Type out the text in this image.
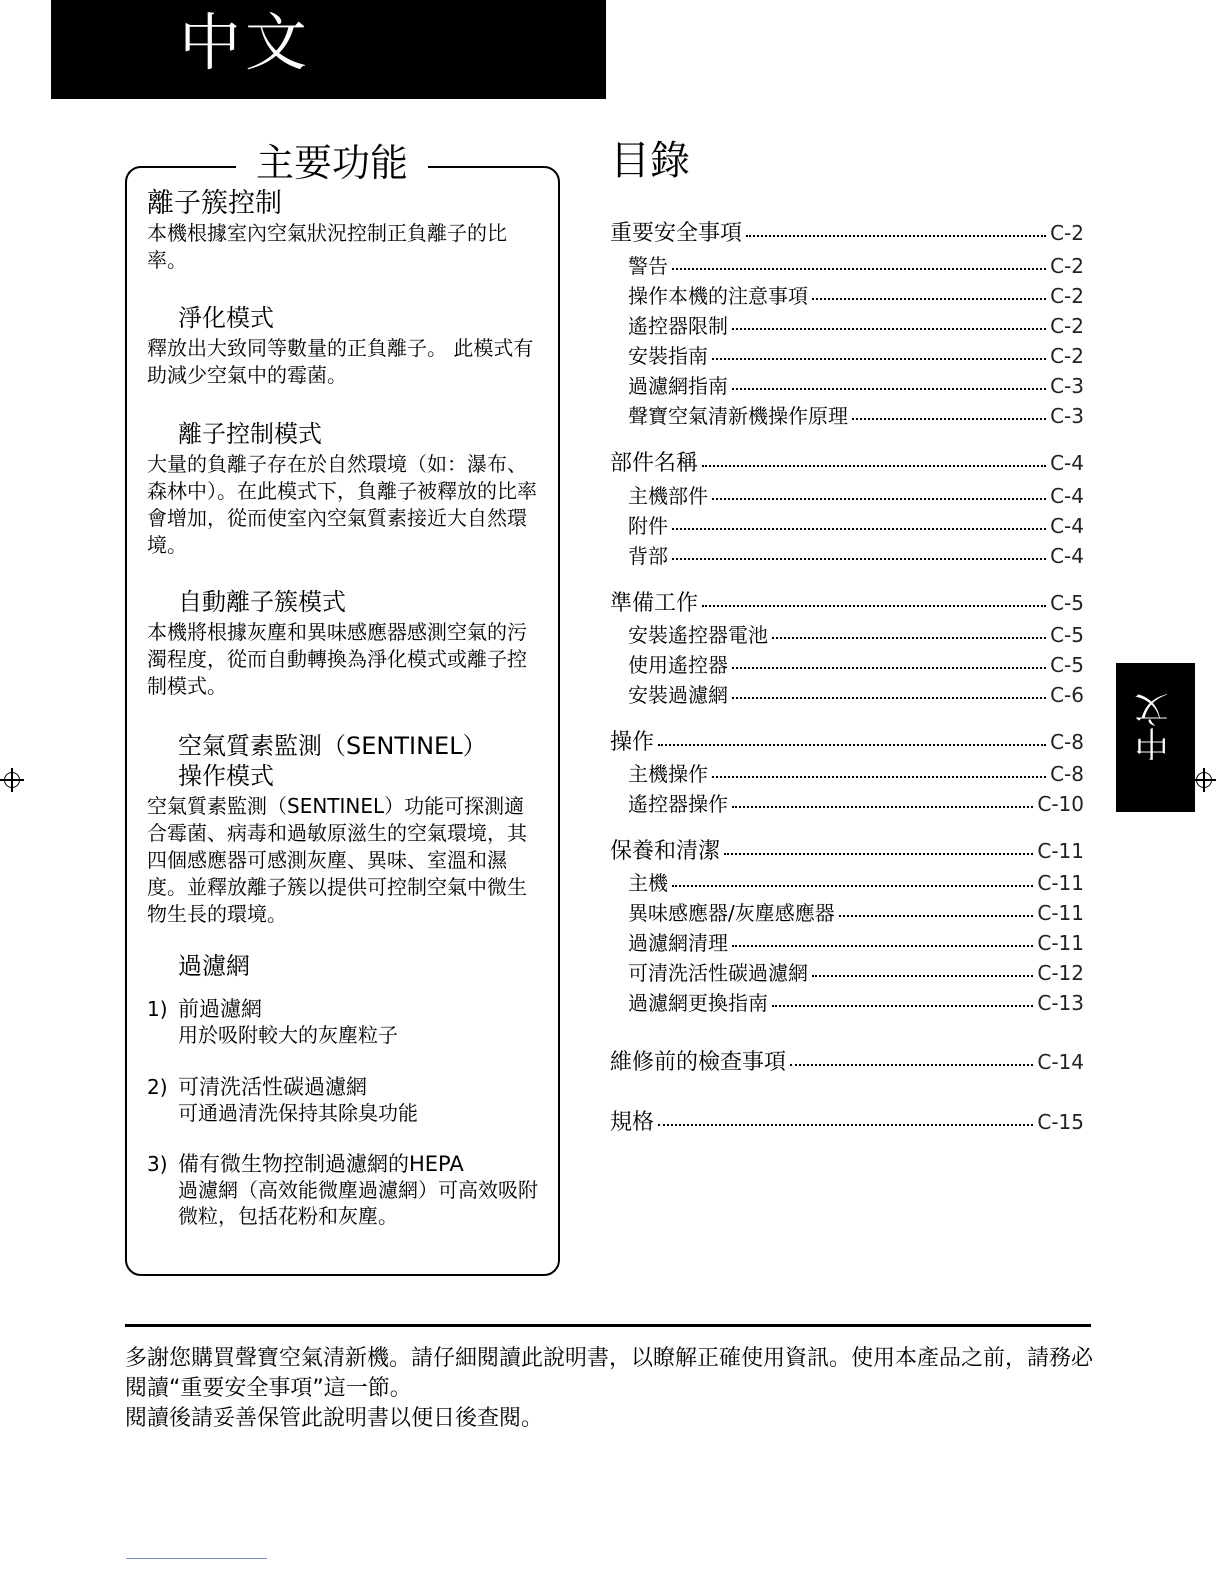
中文
中文
主要功能
離子簇控制

本機根據室內空氣狀況控制正負離子的比率。

淨化模式

釋放出大致同等數量的正負離子。 此模式有助減少空氣中的霉菌。

離子控制模式

大量的負離子存在於自然環境（如：瀑布、森林中）。在此模式下，負離子被釋放的比率會增加，從而使室內空氣質素接近大自然環境。

自動離子簇模式

本機將根據灰塵和異味感應器感測空氣的污濁程度，從而自動轉換為淨化模式或離子控制模式。

空氣質素監測（SENTINEL）
操作模式

空氣質素監測（SENTINEL）功能可探測適合霉菌、病毒和過敏原滋生的空氣環境，其四個感應器可感測灰塵、異味、室溫和濕度。並釋放離子簇以提供可控制空氣中微生物生長的環境。

過濾網
1) 前過濾網
用於吸附較大的灰塵粒子
2) 可清洗活性碳過濾網
可通過清洗保持其除臭功能
3) 備有微生物控制過濾網的HEPA

過濾網（高效能微塵過濾網）可高效吸附微粒，包括花粉和灰塵。

目錄
重要安全事項	C-2
警告	C-2
操作本機的注意事項	C-2
遙控器限制	C-2
安裝指南	C-2
過濾網指南	C-3
聲寶空氣清新機操作原理	C-3
部件名稱	C-4
主機部件	C-4
附件	C-4
背部	C-4
準備工作	C-5
安裝遙控器電池	C-5
使用遙控器	C-5
安裝過濾網	C-6
操作	C-8
主機操作	C-8
遙控器操作	C-10
保養和清潔	C-11
主機	C-11
異味感應器/灰塵感應器	C-11
過濾網清理	C-11
可清洗活性碳過濾網	C-12
過濾網更換指南	C-13
維修前的檢查事項	C-14
規格	C-15

多謝您購買聲寶空氣清新機。請仔細閱讀此說明書，以瞭解正確使用資訊。使用本產品之前，請務必閱讀“重要安全事項”這一節。
閱讀後請妥善保管此說明書以便日後查閱。
